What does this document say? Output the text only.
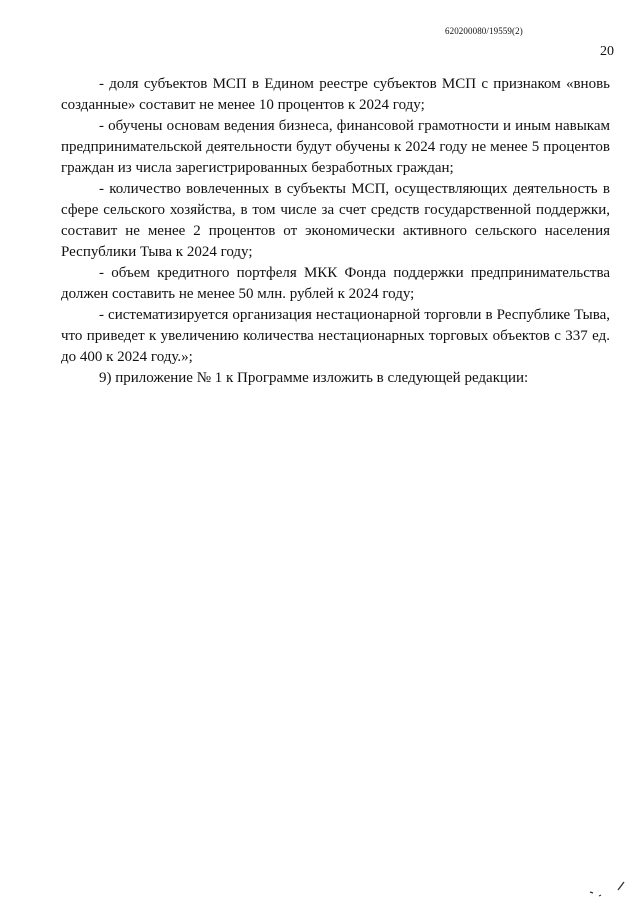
620200080/19559(2)
20

- доля субъектов МСП в Едином реестре субъектов МСП с признаком «вновь созданные» составит не менее 10 процентов к 2024 году;

- обучены основам ведения бизнеса, финансовой грамотности и иным навыкам предпринимательской деятельности будут обучены к 2024 году не менее 5 процентов граждан из числа зарегистрированных безработных граждан;

- количество вовлеченных в субъекты МСП, осуществляющих деятельность в сфере сельского хозяйства, в том числе за счет средств государственной поддержки, составит не менее 2 процентов от экономически активного сельского населения Республики Тыва к 2024 году;

- объем кредитного портфеля МКК Фонда поддержки предпринимательства должен составить не менее 50 млн. рублей к 2024 году;

- систематизируется организация нестационарной торговли в Республике Тыва, что приведет к увеличению количества нестационарных торговых объектов с 337 ед. до 400 к 2024 году.»;

9) приложение № 1 к Программе изложить в следующей редакции:
